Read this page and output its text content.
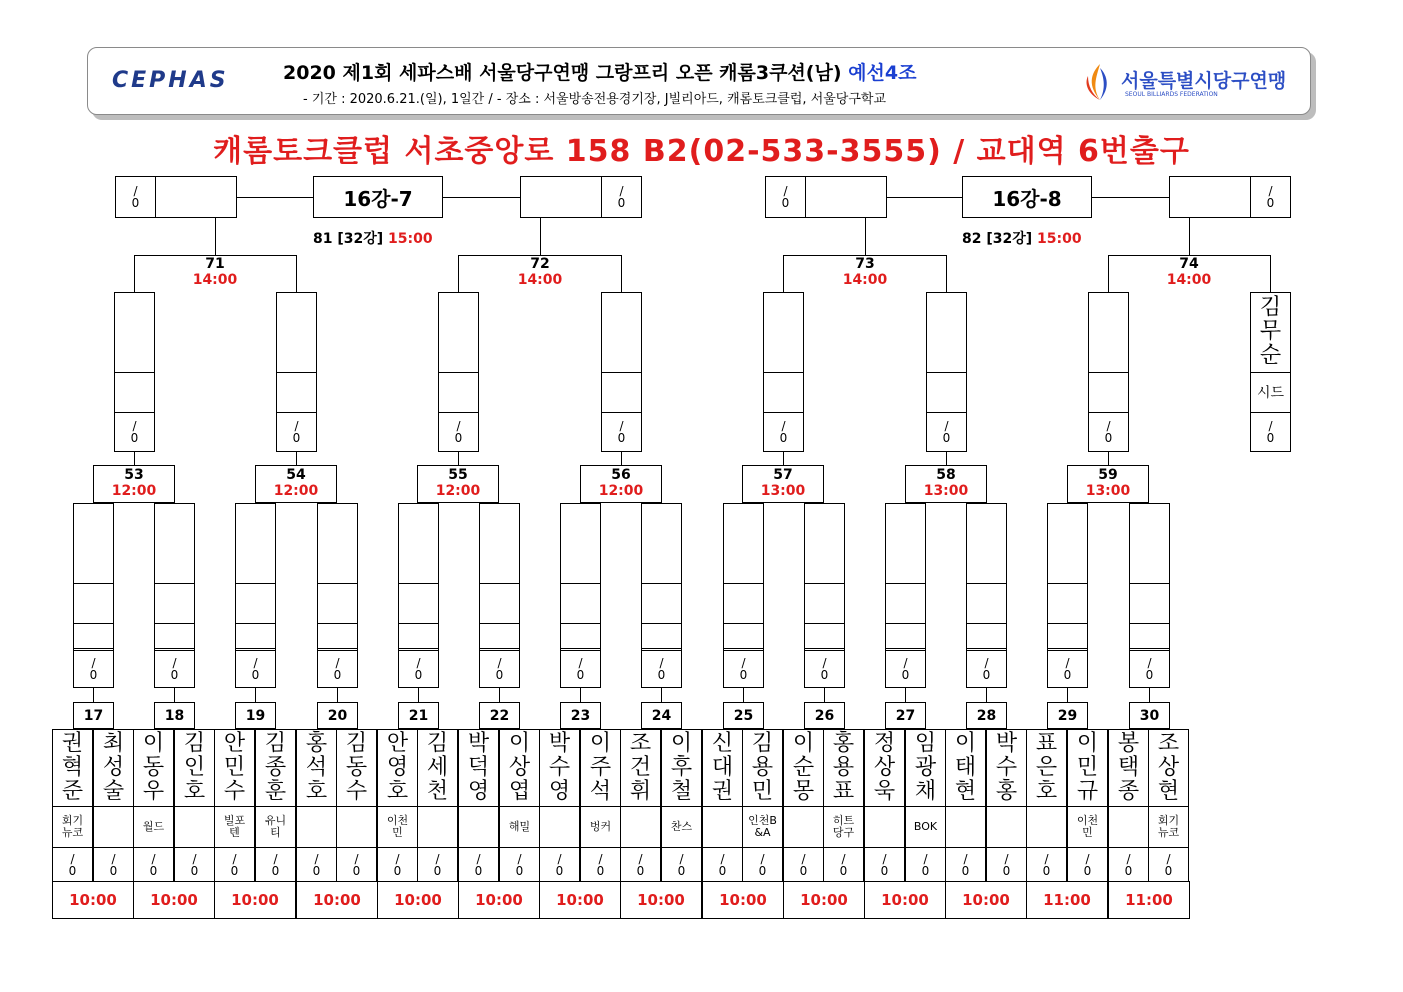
CEPHAS	2020 제1회 세파스배 서울당구연맹 그랑프리 오픈 캐롬3쿠션(남) 예선4조
- 기간 : 2020.6.21.(일), 1일간 / - 장소 : 서울방송전용경기장, J빌리아드, 캐롬토크클럽, 서울당구학교
서울특별시당구연맹
SEOUL BILLIARDS FEDERATION
캐롬토크클럽 서초중앙로 158 B2(02-533-3555) / 교대역 6번출구
권
혁
준
회기뉴코
/
0
최
성
술
/
0
10:00
17
이
동
우
월드
/
0
김
인
호
/
0
10:00
18
안
민
수
빌포텐
/
0
김
종
훈
유니티
/
0
10:00
19
홍
석
호
/
0
김
동
수
/
0
10:00
20
안
영
호
이천민
/
0
김
세
천
/
0
10:00
21
박
덕
영
/
0
이
상
엽
해밀
/
0
10:00
22
박
수
영
/
0
이
주
석
벙커
/
0
10:00
23
조
건
휘
/
0
이
후
철
찬스
/
0
10:00
24
신
대
권
/
0
김
용
민
인천B&A
/
0
10:00
25
이
순
몽
/
0
홍
용
표
히트당구
/
0
10:00
26
정
상
욱
/
0
임
광
채
BOK
/
0
10:00
27
이
태
현
/
0
박
수
홍
/
0
10:00
28
표
은
호
/
0
이
민
규
이천민
/
0
11:00
29
봉
택
종
/
0
조
상
현
회기뉴코
/
0
11:00
30
/
0
/
0
53
12:00
/
0
/
0
54
12:00
/
0
/
0
55
12:00
/
0
/
0
56
12:00
/
0
/
0
57
13:00
/
0
/
0
58
13:00
/
0
/
0
59
13:00
/
0
/
0
71
14:00
/
0
/
0
72
14:00
/
0
/
0
73
14:00
/
0
김
무
순
시드
/
0
74
14:00
/
0
/
0
16강-7
81 [32강] 15:00
/
0
/
0
16강-8
82 [32강] 15:00
